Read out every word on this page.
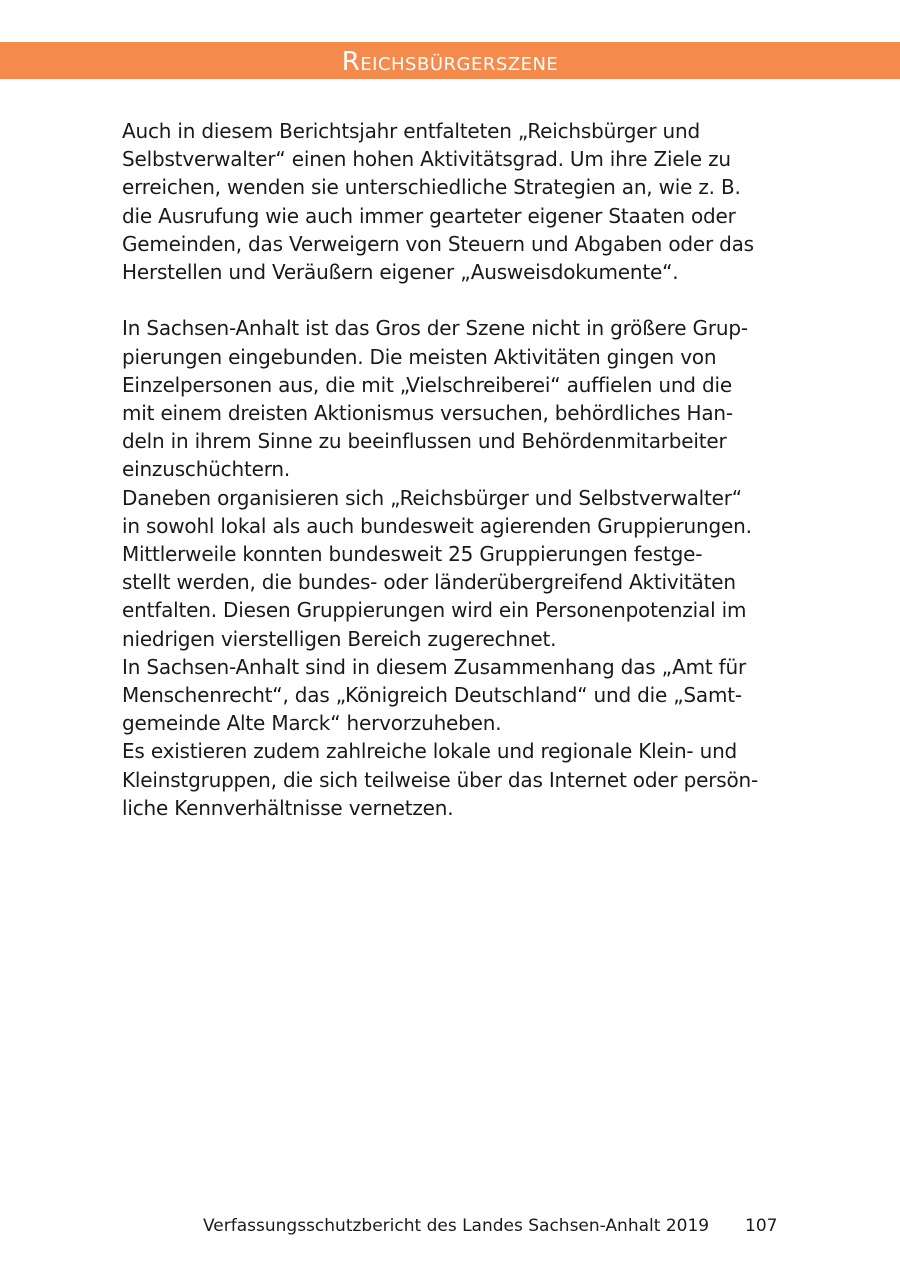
Reichsbürgerszene

Auch in diesem Berichtsjahr entfalteten „Reichsbürger und
Selbstverwalter“ einen hohen Aktivitätsgrad. Um ihre Ziele zu
erreichen, wenden sie unterschiedliche Strategien an, wie z. B.
die Ausrufung wie auch immer gearteter eigener Staaten oder
Gemeinden, das Verweigern von Steuern und Abgaben oder das
Herstellen und Veräußern eigener „Ausweisdokumente“.

In Sachsen-Anhalt ist das Gros der Szene nicht in größere Grup-
pierungen eingebunden. Die meisten Aktivitäten gingen von
Einzelpersonen aus, die mit „Vielschreiberei“ auffielen und die
mit einem dreisten Aktionismus versuchen, behördliches Han-
deln in ihrem Sinne zu beeinflussen und Behördenmitarbeiter
einzuschüchtern.

Daneben organisieren sich „Reichsbürger und Selbstverwalter“
in sowohl lokal als auch bundesweit agierenden Gruppierungen.
Mittlerweile konnten bundesweit 25 Gruppierungen festge-
stellt werden, die bundes- oder länderübergreifend Aktivitäten
entfalten. Diesen Gruppierungen wird ein Personenpotenzial im
niedrigen vierstelligen Bereich zugerechnet.

In Sachsen-Anhalt sind in diesem Zusammenhang das „Amt für
Menschenrecht“, das „Königreich Deutschland“ und die „Samt-
gemeinde Alte Marck“ hervorzuheben.

Es existieren zudem zahlreiche lokale und regionale Klein- und
Kleinstgruppen, die sich teilweise über das Internet oder persön-
liche Kennverhältnisse vernetzen.

Verfassungsschutzbericht des Landes Sachsen-Anhalt 2019 107
